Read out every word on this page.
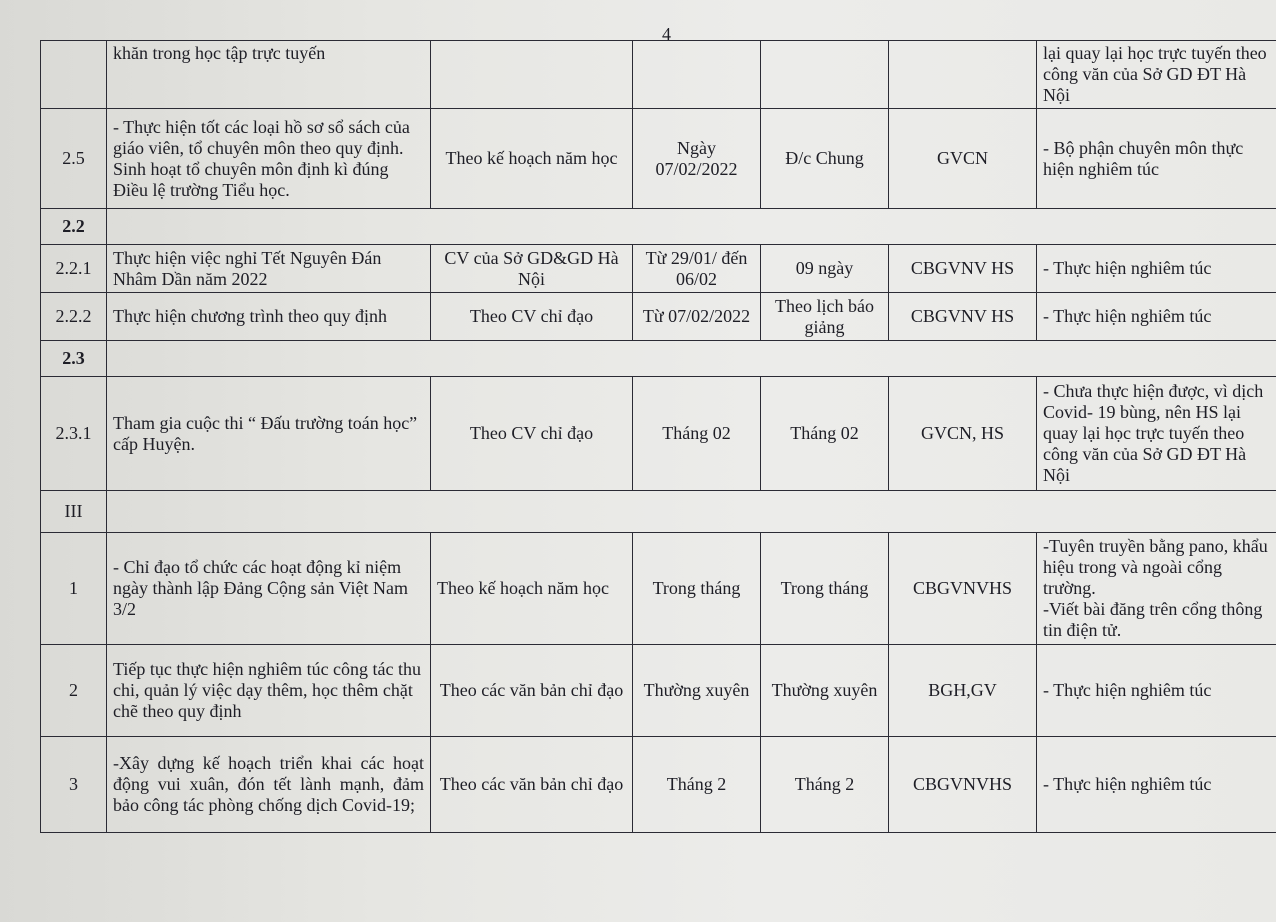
4
	khăn trong học tập trực tuyến					lại quay lại học trực tuyến theo công văn của Sở GD ĐT Hà Nội
2.5	- Thực hiện tốt các loại hồ sơ sổ sách của giáo viên, tổ chuyên môn theo quy định. Sinh hoạt tổ chuyên môn định kì đúng Điều lệ trường Tiểu học.	Theo kế hoạch năm học	Ngày 07/02/2022	Đ/c Chung	GVCN	- Bộ phận chuyên môn thực hiện nghiêm túc
2.2						
2.2.1	Thực hiện việc nghỉ Tết Nguyên Đán Nhâm Dần năm 2022	CV của Sở GD&GD Hà Nội	Từ 29/01/ đến 06/02	09 ngày	CBGVNV HS	- Thực hiện nghiêm túc
2.2.2	Thực hiện chương trình theo quy định	Theo CV chỉ đạo	Từ 07/02/2022	Theo lịch báo giảng	CBGVNV HS	- Thực hiện nghiêm túc
2.3						
2.3.1	Tham gia cuộc thi “ Đấu trường toán học” cấp Huyện.	Theo CV chỉ đạo	Tháng 02	Tháng 02	GVCN, HS	- Chưa thực hiện được, vì dịch Covid- 19 bùng, nên HS lại quay lại học trực tuyến theo công văn của Sở GD ĐT Hà Nội
III						
1	- Chỉ đạo tổ chức các hoạt động kỉ niệm ngày thành lập Đảng Cộng sản Việt Nam 3/2	Theo kế hoạch năm học	Trong tháng	Trong tháng	CBGVNVHS	-Tuyên truyền bằng pano, khẩu hiệu trong và ngoài cổng trường.
-Viết bài đăng trên cổng thông tin điện tử.

2	Tiếp tục thực hiện nghiêm túc công tác thu chi, quản lý việc dạy thêm, học thêm chặt chẽ theo quy định	Theo các văn bản chỉ đạo	Thường xuyên	Thường xuyên	BGH,GV	- Thực hiện nghiêm túc
3	-Xây dựng kế hoạch triển khai các hoạt động vui xuân, đón tết lành mạnh, đảm bảo công tác phòng chống dịch Covid-19;	Theo các văn bản chỉ đạo	Tháng 2	Tháng 2	CBGVNVHS	- Thực hiện nghiêm túc
